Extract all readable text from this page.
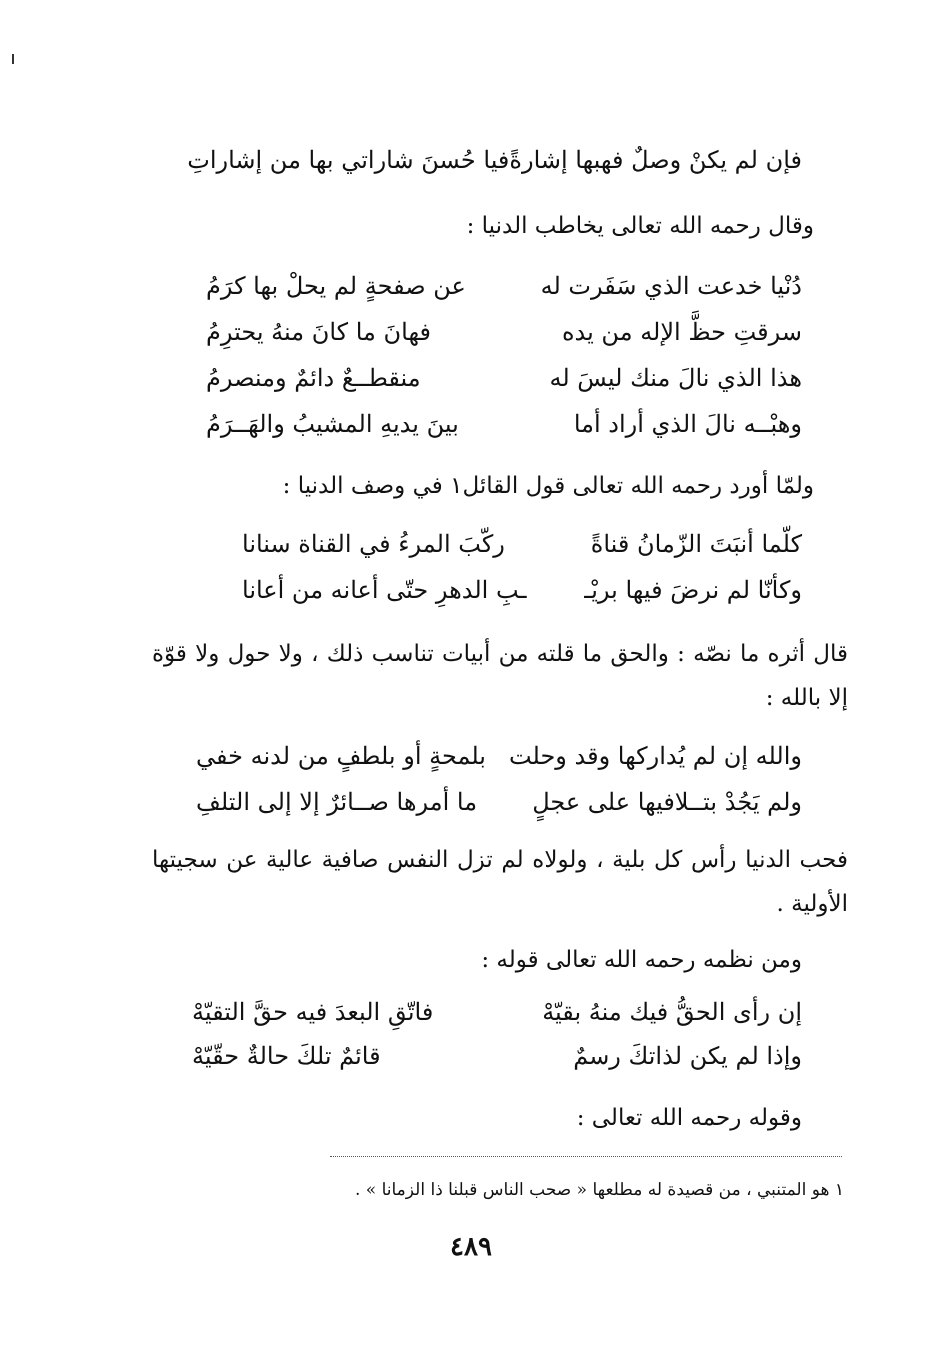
فإن لم يكنْ وصلٌ فهبها إشارةً
فيا حُسنَ شاراتي بها من إشاراتِ
وقال رحمه الله تعالى يخاطب الدنيا :
دُنْيا خدعت الذي سَفَرت له
عن صفحةٍ لم يحلْ بها كرَمُ
سرقتِ حظَّ الإله من يده
فهانَ ما كانَ منهُ يحترِمُ
هذا الذي نالَ منك ليسَ له
منقطــعٌ دائمٌ ومنصرمُ
وهبْــه نالَ الذي أراد أما
بينَ يديهِ المشيبُ والهَــرَمُ
ولمّا أورد رحمه الله تعالى قول القائل١ في وصف الدنيا :
كلّما أنبَتَ الزّمانُ قناةً
ركّبَ المرءُ في القناة سنانا
وكأنّا لم نرضَ فيها بريْـ
ـبِ الدهرِ حتّى أعانه من أعانا
قال أثره ما نصّه : والحق ما قلته من أبيات تناسب ذلك ، ولا حول ولا قوّة إلا بالله :
والله إن لم يُداركها وقد وحلت
بلمحةٍ أو بلطفٍ من لدنه خفي
ولم يَجُدْ بتــلافيها على عجلٍ
ما أمرها صــائرٌ إلا إلى التلفِ
فحب الدنيا رأس كل بلية ، ولولاه لم تزل النفس صافية عالية عن سجيتها الأولية .
ومن نظمه رحمه الله تعالى قوله :
إن رأى الحقُّ فيك منهُ بقيّهْ
فاتّقِ البعدَ فيه حقَّ التقيّهْ
وإذا لم يكن لذاتكَ رسمٌ
قائمٌ تلكَ حالةٌ حقّيّهْ
وقوله رحمه الله تعالى :
١ هو المتنبي ، من قصيدة له مطلعها « صحب الناس قبلنا ذا الزمانا » .
٤٨٩
